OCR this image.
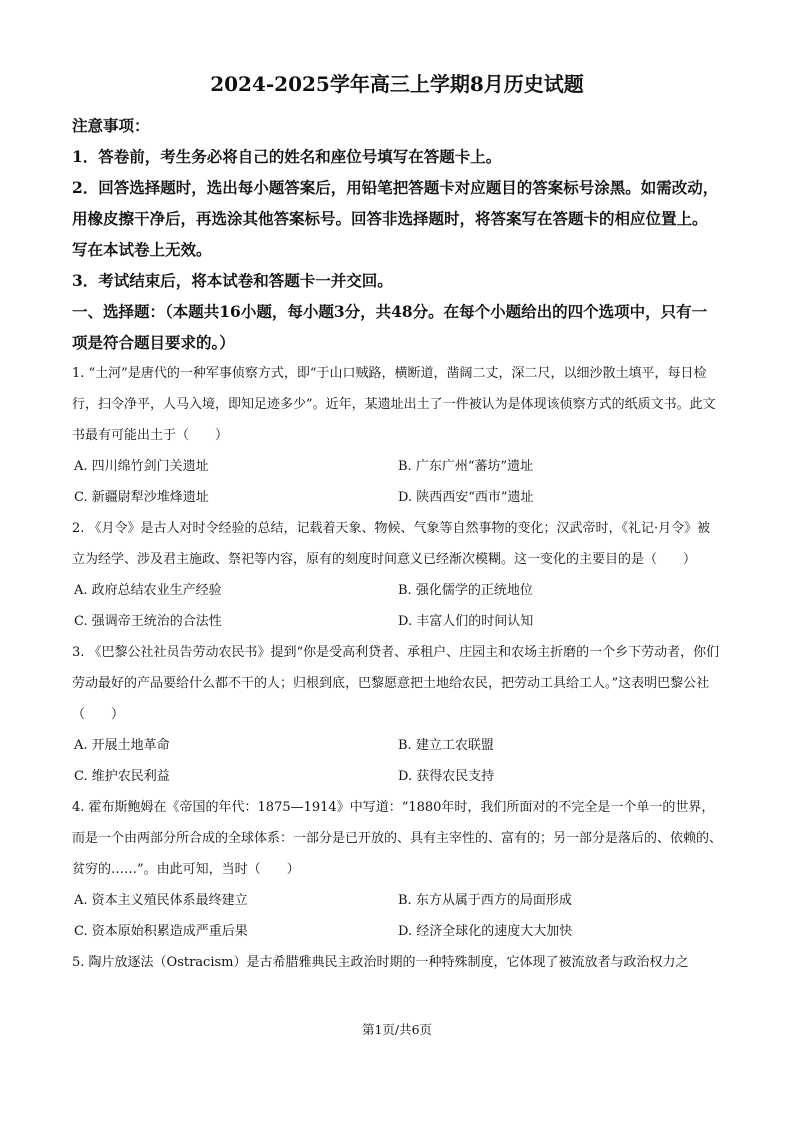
2024-2025学年高三上学期8月历史试题

注意事项：

1．答卷前，考生务必将自己的姓名和座位号填写在答题卡上。

2．回答选择题时，选出每小题答案后，用铅笔把答题卡对应题目的答案标号涂黑。如需改动，用橡皮擦干净后，再选涂其他答案标号。回答非选择题时，将答案写在答题卡的相应位置上。写在本试卷上无效。

3．考试结束后，将本试卷和答题卡一并交回。

一、选择题：（本题共16小题，每小题3分，共48分。在每个小题给出的四个选项中，只有一项是符合题目要求的。）

1. “土河”是唐代的一种军事侦察方式，即“于山口贼路，横断道，凿阔二丈，深二尺，以细沙散土填平，每日检行，扫令净平，人马入境，即知足迹多少”。近年，某遗址出土了一件被认为是体现该侦察方式的纸质文书。此文书最有可能出土于（　　）

A. 四川绵竹剑门关遗址	B. 广东广州“蕃坊”遗址
C. 新疆尉犁沙堆烽遗址	D. 陕西西安“西市”遗址

2. 《月令》是古人对时令经验的总结，记载着天象、物候、气象等自然事物的变化；汉武帝时，《礼记·月令》被立为经学、涉及君主施政、祭祀等内容，原有的刻度时间意义已经渐次模糊。这一变化的主要目的是（　　）

A. 政府总结农业生产经验	B. 强化儒学的正统地位
C. 强调帝王统治的合法性	D. 丰富人们的时间认知

3. 《巴黎公社社员告劳动农民书》提到“你是受高利贷者、承租户、庄园主和农场主折磨的一个乡下劳动者，你们劳动最好的产品要给什么都不干的人；归根到底，巴黎愿意把土地给农民，把劳动工具给工人。”这表明巴黎公社（　　）

A. 开展土地革命	B. 建立工农联盟
C. 维护农民利益	D. 获得农民支持

4. 霍布斯鲍姆在《帝国的年代：1875—1914》中写道：“1880年时，我们所面对的不完全是一个单一的世界，而是一个由两部分所合成的全球体系：一部分是已开放的、具有主宰性的、富有的；另一部分是落后的、依赖的、贫穷的……”。由此可知，当时（　　）

A. 资本主义殖民体系最终建立	B. 东方从属于西方的局面形成
C. 资本原始积累造成严重后果	D. 经济全球化的速度大大加快

5. 陶片放逐法（Ostracism）是古希腊雅典民主政治时期的一种特殊制度，它体现了被流放者与政治权力之

第1页/共6页
